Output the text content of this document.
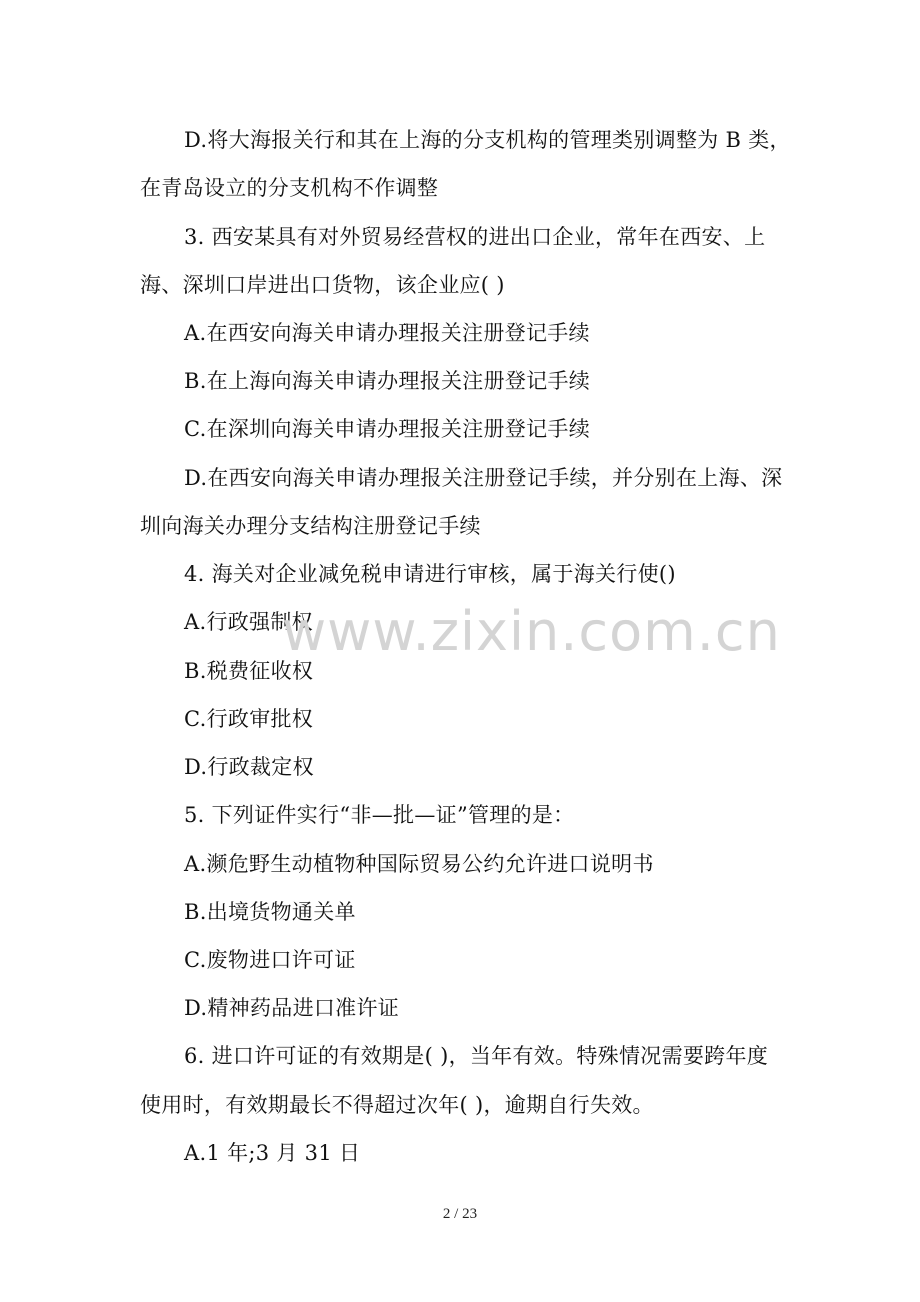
D.将大海报关行和其在上海的分支机构的管理类别调整为 B 类，
在青岛设立的分支机构不作调整
3. 西安某具有对外贸易经营权的进出口企业，常年在西安、上
海、深圳口岸进出口货物，该企业应( )
A.在西安向海关申请办理报关注册登记手续
B.在上海向海关申请办理报关注册登记手续
C.在深圳向海关申请办理报关注册登记手续
D.在西安向海关申请办理报关注册登记手续，并分别在上海、深
圳向海关办理分支结构注册登记手续
4. 海关对企业减免税申请进行审核，属于海关行使()
A.行政强制权
B.税费征收权
C.行政审批权
D.行政裁定权
5. 下列证件实行“非—批—证”管理的是：
A.濒危野生动植物种国际贸易公约允许进口说明书
B.出境货物通关单
C.废物进口许可证
D.精神药品进口准许证
6. 进口许可证的有效期是( )，当年有效。特殊情况需要跨年度
使用时，有效期最长不得超过次年( )，逾期自行失效。
A.1 年;3 月 31 日
www.zixin.com.cn
2 / 23
